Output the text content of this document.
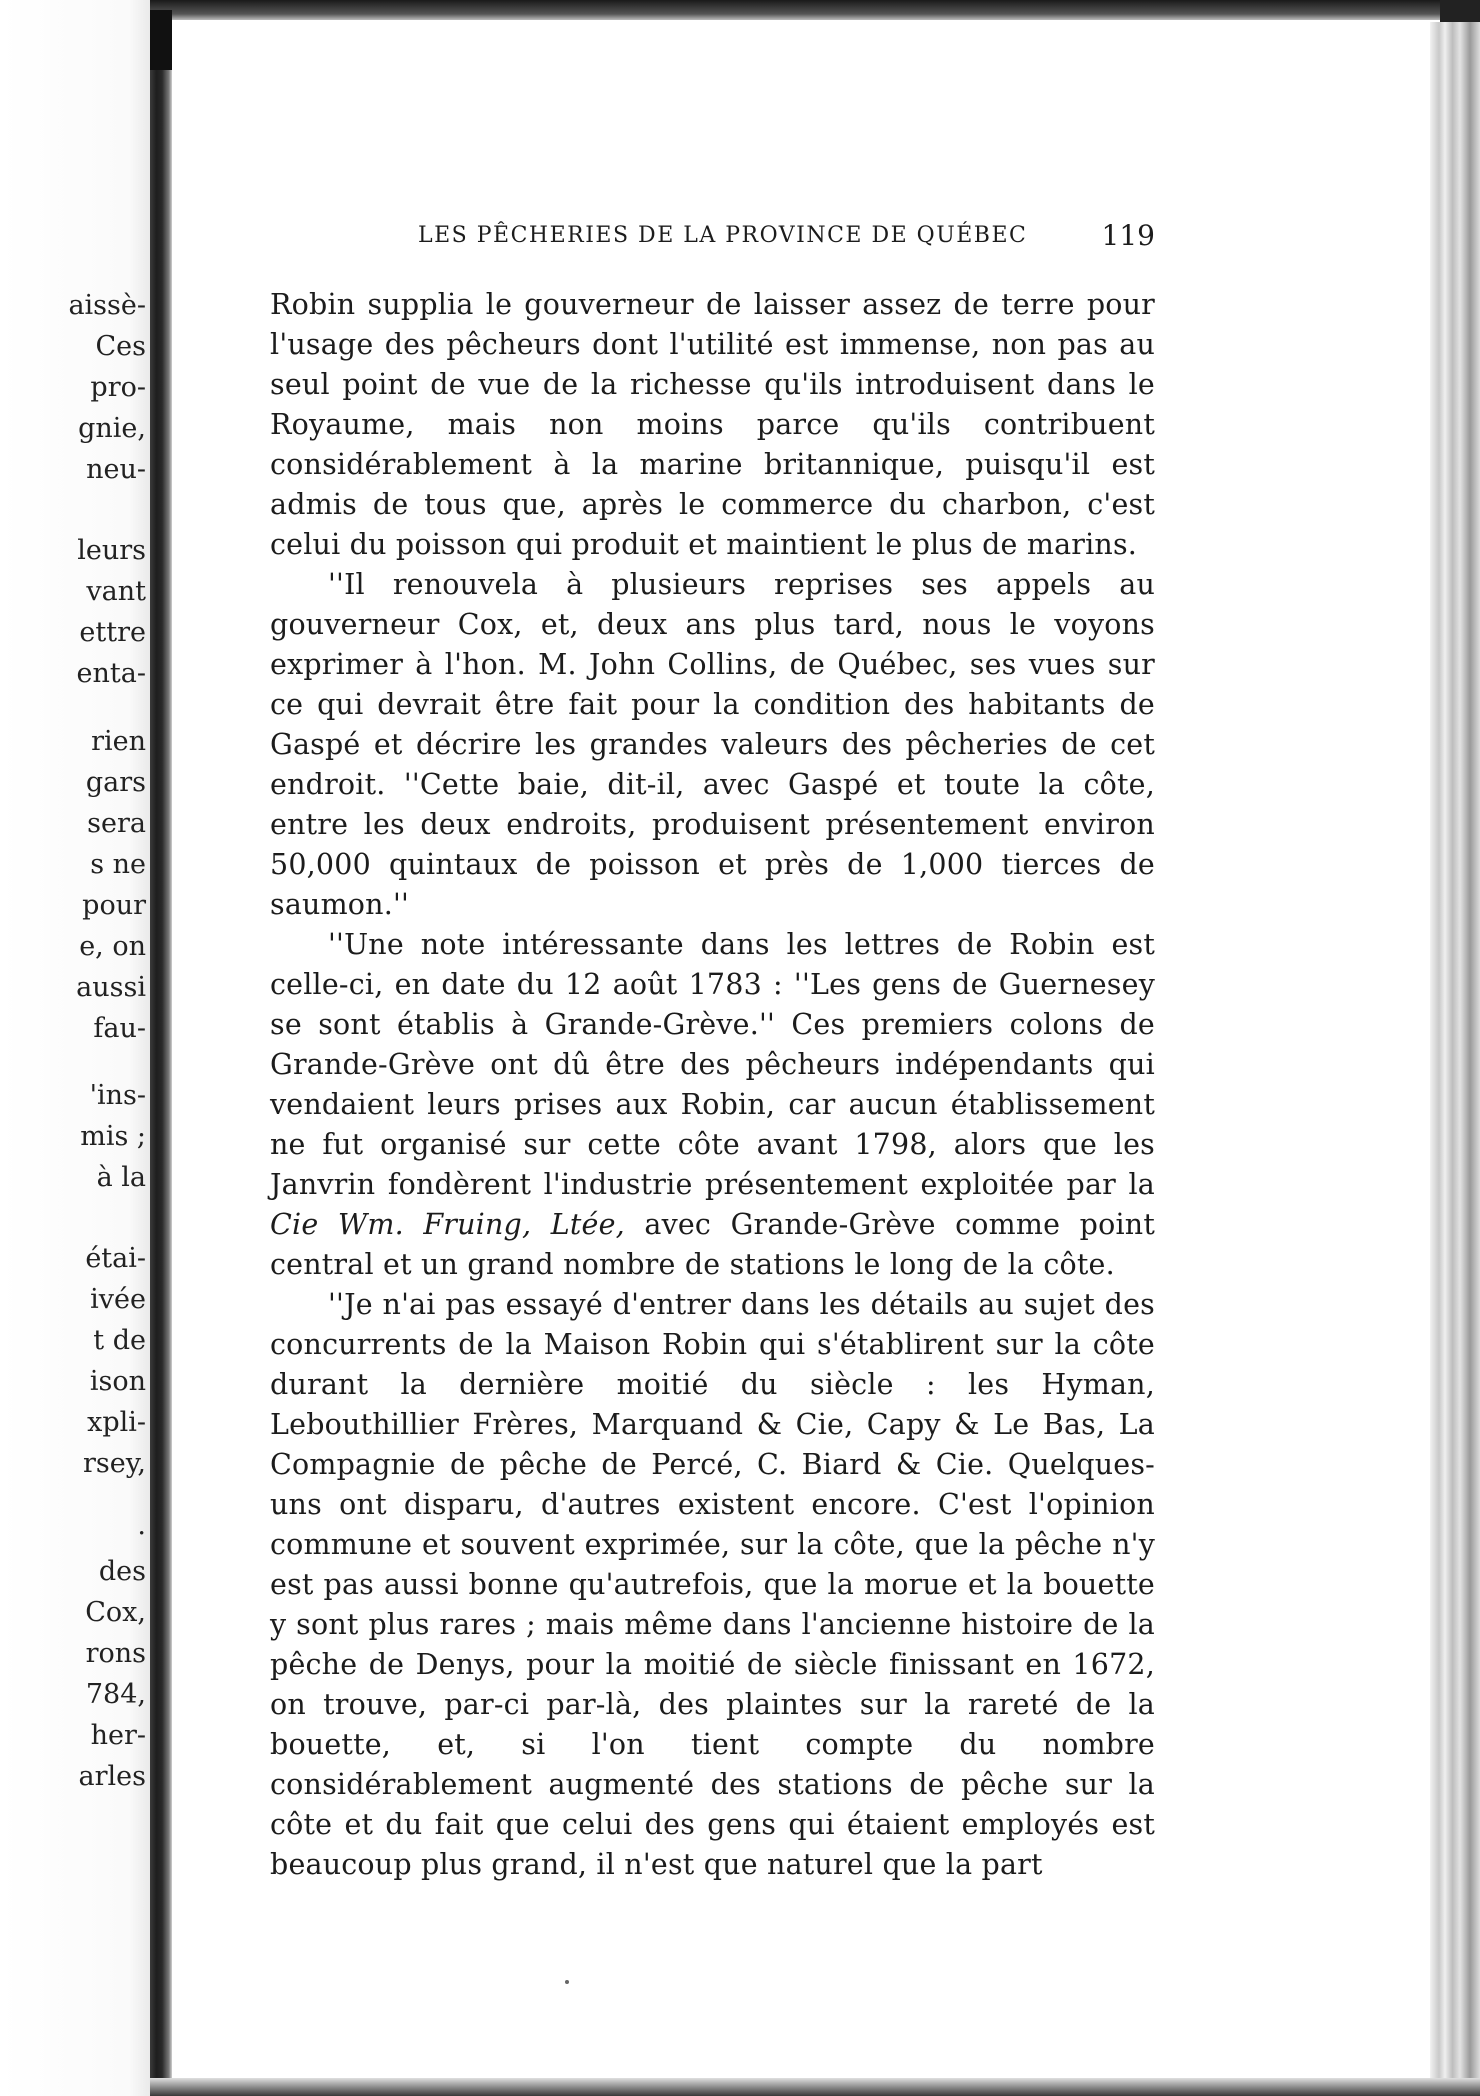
aissè-
Ces
pro-
gnie,
neu-
leurs
vant
ettre
enta-
rien
gars
sera
s ne
pour
e, on
aussi
fau-
'ins-
mis ;
à la
étai-
ivée
t de
ison
xpli-
rsey,
.
des
Cox,
rons
784,
her-
arles
LES PÊCHERIES DE LA PROVINCE DE QUÉBEC	119

Robin supplia le gouverneur de laisser assez de terre pour l'usage des pêcheurs dont l'utilité est immense, non pas au seul point de vue de la richesse qu'ils introduisent dans le Royaume, mais non moins parce qu'ils contribuent considérablement à la marine britannique, puisqu'il est admis de tous que, après le commerce du charbon, c'est celui du poisson qui produit et maintient le plus de marins.

''Il renouvela à plusieurs reprises ses appels au gouverneur Cox, et, deux ans plus tard, nous le voyons exprimer à l'hon. M. John Collins, de Québec, ses vues sur ce qui devrait être fait pour la condition des habitants de Gaspé et décrire les grandes valeurs des pêcheries de cet endroit. ''Cette baie, dit-il, avec Gaspé et toute la côte, entre les deux endroits, produisent présentement environ 50,000 quintaux de poisson et près de 1,000 tierces de saumon.''

''Une note intéressante dans les lettres de Robin est celle-ci, en date du 12 août 1783 : ''Les gens de Guernesey se sont établis à Grande-Grève.'' Ces premiers colons de Grande-Grève ont dû être des pêcheurs indépendants qui vendaient leurs prises aux Robin, car aucun établissement ne fut organisé sur cette côte avant 1798, alors que les Janvrin fondèrent l'industrie présentement exploitée par la Cie Wm. Fruing, Ltée, avec Grande-Grève comme point central et un grand nombre de stations le long de la côte.

''Je n'ai pas essayé d'entrer dans les détails au sujet des concurrents de la Maison Robin qui s'établirent sur la côte durant la dernière moitié du siècle : les Hyman, Lebouthillier Frères, Marquand & Cie, Capy & Le Bas, La Compagnie de pêche de Percé, C. Biard & Cie. Quelques-uns ont disparu, d'autres existent encore. C'est l'opinion commune et souvent exprimée, sur la côte, que la pêche n'y est pas aussi bonne qu'autrefois, que la morue et la bouette y sont plus rares ; mais même dans l'ancienne histoire de la pêche de Denys, pour la moitié de siècle finissant en 1672, on trouve, par-ci par-là, des plaintes sur la rareté de la bouette, et, si l'on tient compte du nombre considérablement augmenté des stations de pêche sur la côte et du fait que celui des gens qui étaient employés est beaucoup plus grand, il n'est que naturel que la part
